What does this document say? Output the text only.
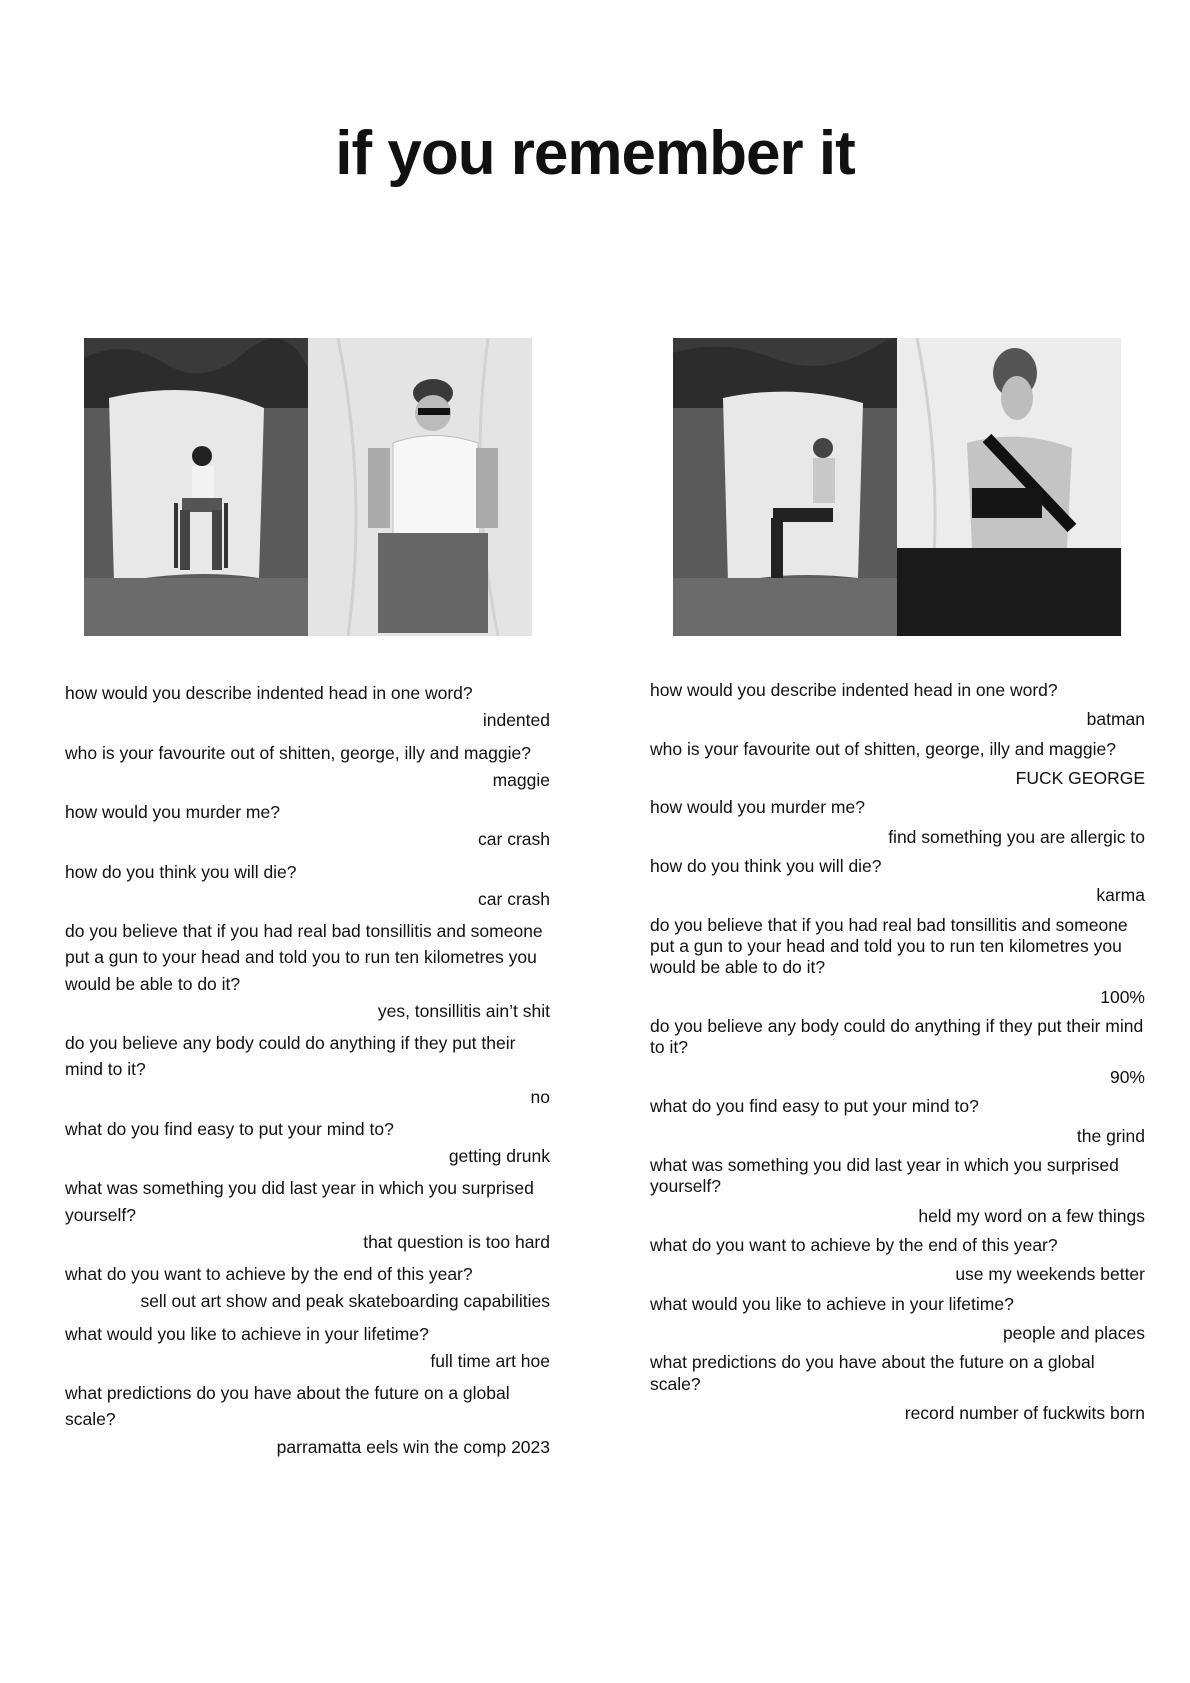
if you remember it

how would you describe indented head in one word?

indented

who is your favourite out of shitten, george, illy and maggie?

maggie

how would you murder me?

car crash

how do you think you will die?

car crash

do you believe that if you had real bad tonsillitis and someone put a gun to your head and told you to run ten kilometres you would be able to do it?

yes, tonsillitis ain’t shit

do you believe any body could do anything if they put their mind to it?

no

what do you find easy to put your mind to?

getting drunk

what was something you did last year in which you surprised yourself?

that question is too hard

what do you want to achieve by the end of this year?

sell out art show and peak skateboarding capabilities

what would you like to achieve in your lifetime?

full time art hoe

what predictions do you have about the future on a global scale?

parramatta eels win the comp 2023

how would you describe indented head in one word?

batman

who is your favourite out of shitten, george, illy and maggie?

FUCK GEORGE

how would you murder me?

find something you are allergic to

how do you think you will die?

karma

do you believe that if you had real bad tonsillitis and someone put a gun to your head and told you to run ten kilometres you would be able to do it?

100%

do you believe any body could do anything if they put their mind to it?

90%

what do you find easy to put your mind to?

the grind

what was something you did last year in which you surprised yourself?

held my word on a few things

what do you want to achieve by the end of this year?

use my weekends better

what would you like to achieve in your lifetime?

people and places

what predictions do you have about the future on a global scale?

record number of fuckwits born
